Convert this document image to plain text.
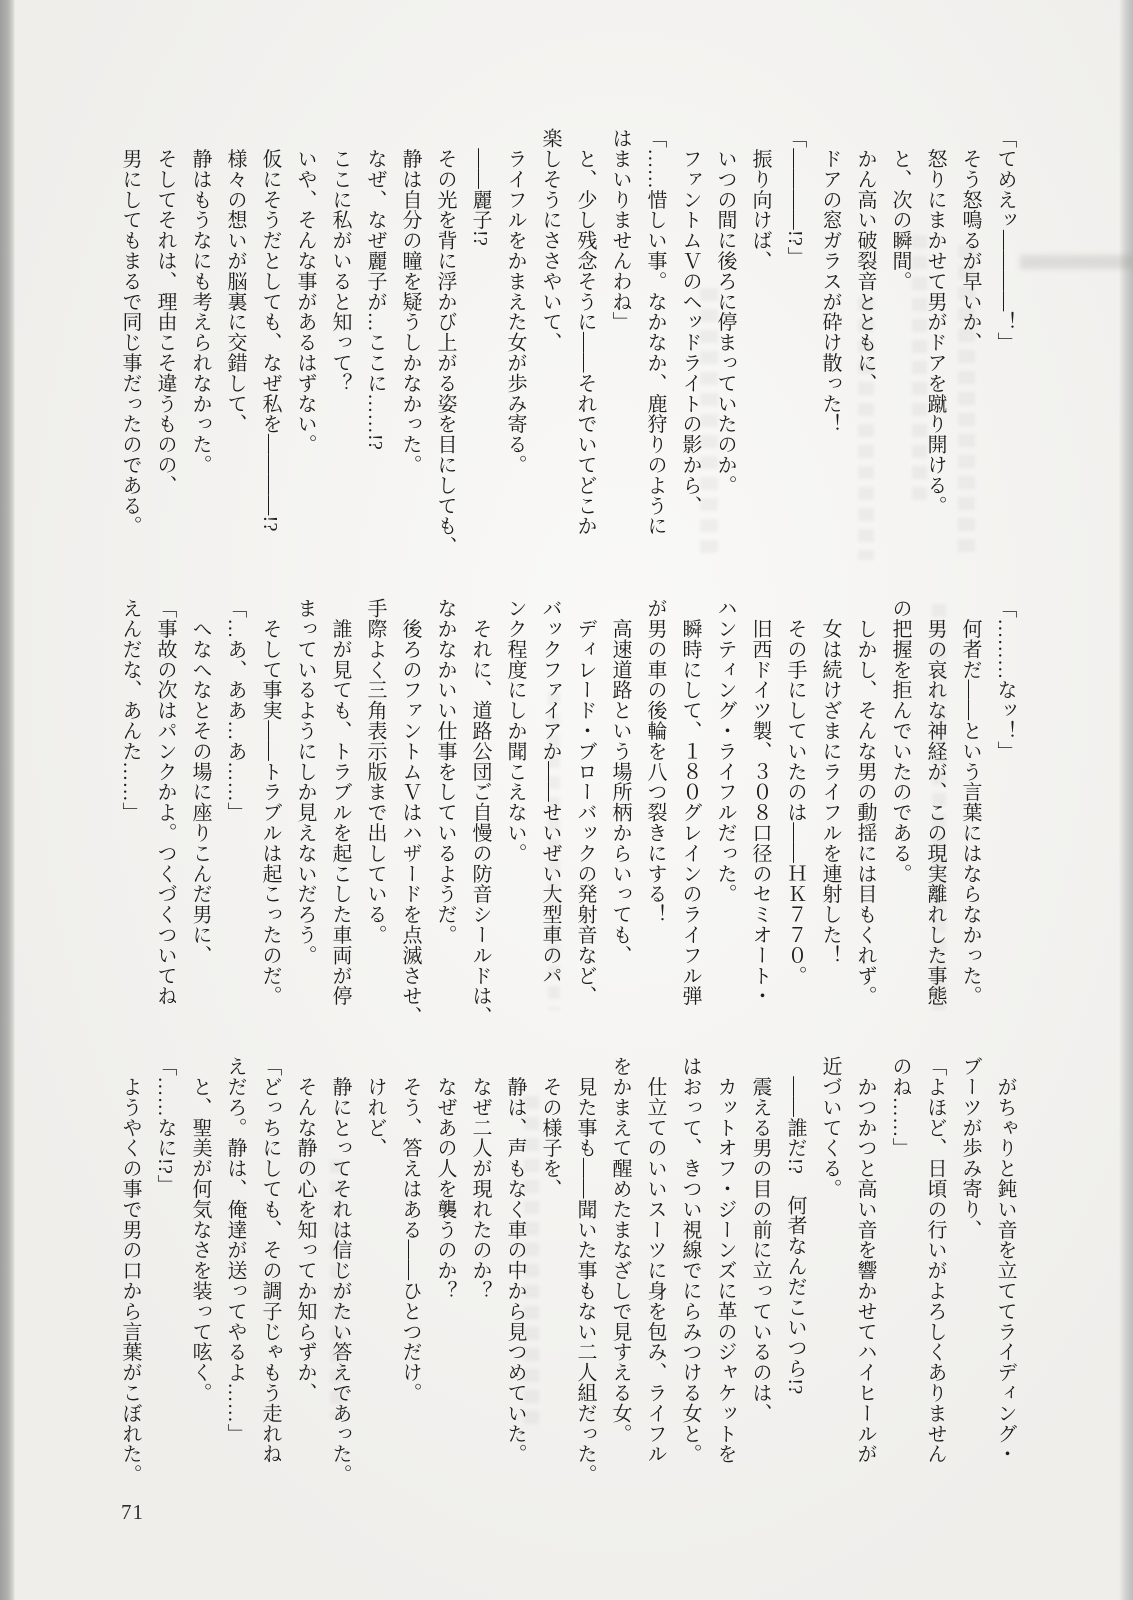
「てめえッ――――！」
　そう怒鳴るが早いか、
　怒りにまかせて男がドアを蹴り開ける。
　と、次の瞬間。
　かん高い破裂音とともに、
　ドアの窓ガラスが砕け散った！
「――――!?」
　振り向けば、
　いつの間に後ろに停まっていたのか。
　ファントムＶのヘッドライトの影から、
「……惜しい事。なかなか、鹿狩りのように
はまいりませんわね」
　と、少し残念そうに――それでいてどこか
楽しそうにささやいて、
　ライフルをかまえた女が歩み寄る。
　――麗子!?
　その光を背に浮かび上がる姿を目にしても、
　静は自分の瞳を疑うしかなかった。
　なぜ、なぜ麗子が…ここに……!?
　ここに私がいると知って？
　いや、そんな事があるはずない。
　仮にそうだとしても、なぜ私を――――!?
　様々の想いが脳裏に交錯して、
　静はもうなにも考えられなかった。
　そしてそれは、理由こそ違うものの、
　男にしてもまるで同じ事だったのである。
「………なッ！」
　何者だ――という言葉にはならなかった。
　男の哀れな神経が、この現実離れした事態
の把握を拒んでいたのである。
　しかし、そんな男の動揺には目もくれず。
　女は続けざまにライフルを連射した！
　その手にしていたのは――ＨＫ７７０。
　旧西ドイツ製、３０８口径のセミオート・
ハンティング・ライフルだった。
　瞬時にして、１８０グレインのライフル弾
が男の車の後輪を八つ裂きにする！
　高速道路という場所柄からいっても、
　ディレード・ブローバックの発射音など、
バックファイアか――せいぜい大型車のパ
ンク程度にしか聞こえない。
　それに、道路公団ご自慢の防音シールドは、
なかなかいい仕事をしているようだ。
　後ろのファントムＶはハザードを点滅させ、
手際よく三角表示版まで出している。
　誰が見ても、トラブルを起こした車両が停
まっているようにしか見えないだろう。
　そして事実――トラブルは起こったのだ。
「…あ、ああ…あ……」
　へなへなとその場に座りこんだ男に、
「事故の次はパンクかよ。つくづくついてね
えんだな、あんた……」
　がちゃりと鈍い音を立ててライディング・
ブーツが歩み寄り、
「よほど、日頃の行いがよろしくありません
のね……」
　かつかつと高い音を響かせてハイヒールが
近づいてくる。
　――誰だ!?　何者なんだこいつら!?
　震える男の目の前に立っているのは、
　カットオフ・ジーンズに革のジャケットを
はおって、きつい視線でにらみつける女と。
　仕立てのいいスーツに身を包み、ライフル
をかまえて醒めたまなざしで見すえる女。
　見た事も――聞いた事もない二人組だった。
　その様子を、
　静は、声もなく車の中から見つめていた。
　なぜ二人が現れたのか？
　なぜあの人を襲うのか？
　そう、答えはある――ひとつだけ。
　けれど、
　静にとってそれは信じがたい答えであった。
　そんな静の心を知ってか知らずか、
「どっちにしても、その調子じゃもう走れね
えだろ。静は、俺達が送ってやるよ……」
　と、聖美が何気なさを装って呟く。
「……なに!?」
　ようやくの事で男の口から言葉がこぼれた。
71
